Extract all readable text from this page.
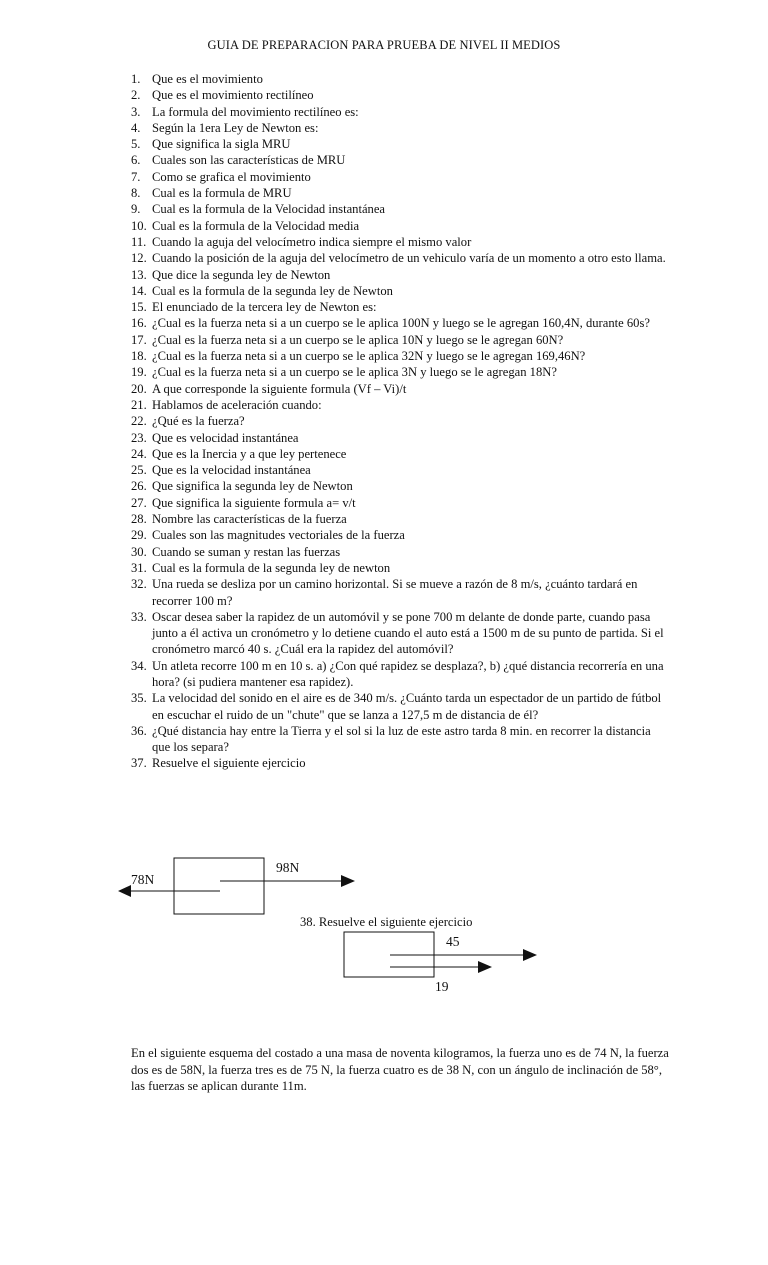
GUIA DE PREPARACION PARA PRUEBA DE NIVEL II MEDIOS
1. Que es el movimiento
2. Que es el movimiento rectilíneo
3. La formula del movimiento rectilíneo es:
4. Según la 1era Ley de Newton es:
5. Que significa la sigla MRU
6. Cuales son las características de MRU
7. Como se grafica el movimiento
8. Cual es la formula de MRU
9. Cual es la formula de la Velocidad instantánea
10. Cual es la formula de la Velocidad media
11. Cuando la aguja del velocímetro indica siempre el mismo valor
12. Cuando la posición de la aguja del velocímetro de un vehiculo varía de un momento a otro esto llama.
13. Que dice la segunda ley de Newton
14. Cual es la formula de la segunda ley de Newton
15. El enunciado de la tercera ley de Newton es:
16. ¿Cual es la fuerza neta si a un cuerpo se le aplica 100N y luego se le agregan 160,4N, durante 60s?
17. ¿Cual es la fuerza neta si a un cuerpo se le aplica 10N y luego se le agregan 60N?
18. ¿Cual es la fuerza neta si a un cuerpo se le aplica 32N y luego se le agregan 169,46N?
19. ¿Cual es la fuerza neta si a un cuerpo se le aplica 3N y luego se le agregan 18N?
20. A que corresponde la siguiente formula (Vf – Vi)/t
21. Hablamos de aceleración cuando:
22. ¿Qué es la fuerza?
23. Que es velocidad instantánea
24. Que es la Inercia y a que ley pertenece
25. Que es la velocidad instantánea
26. Que significa la segunda ley de Newton
27. Que significa la siguiente formula a= v/t
28. Nombre las características de la fuerza
29. Cuales son las magnitudes vectoriales de la fuerza
30. Cuando se suman y restan las fuerzas
31. Cual es la formula de la segunda ley de newton
32. Una rueda se desliza por un camino horizontal. Si se mueve a razón de 8 m/s, ¿cuánto tardará en recorrer 100 m?
33. Oscar desea saber la rapidez de un automóvil y se pone 700 m delante de donde parte, cuando pasa junto a él activa un cronómetro y lo detiene cuando el auto está a 1500 m de su punto de partida. Si el cronómetro marcó 40 s. ¿Cuál era la rapidez del automóvil?
34. Un atleta recorre 100 m en 10 s. a) ¿Con qué rapidez se desplaza?, b) ¿qué distancia recorrería en una hora? (si pudiera mantener esa rapidez).
35. La velocidad del sonido en el aire es de 340 m/s. ¿Cuánto tarda un espectador de un partido de fútbol en escuchar el ruido de un "chute" que se lanza a 127,5 m de distancia de él?
36. ¿Qué distancia hay entre la Tierra y el sol si la luz de este astro tarda 8 min. en recorrer la distancia que los separa?
37. Resuelve el siguiente ejercicio
78N
98N
38. Resuelve el siguiente ejercicio
45
19
En el siguiente esquema del costado a una masa de noventa kilogramos, la fuerza uno es de 74 N, la fuerza dos es de 58N, la fuerza tres es de 75 N, la fuerza cuatro es de 38 N, con un ángulo de inclinación de 58°, las fuerzas se aplican durante 11m.
